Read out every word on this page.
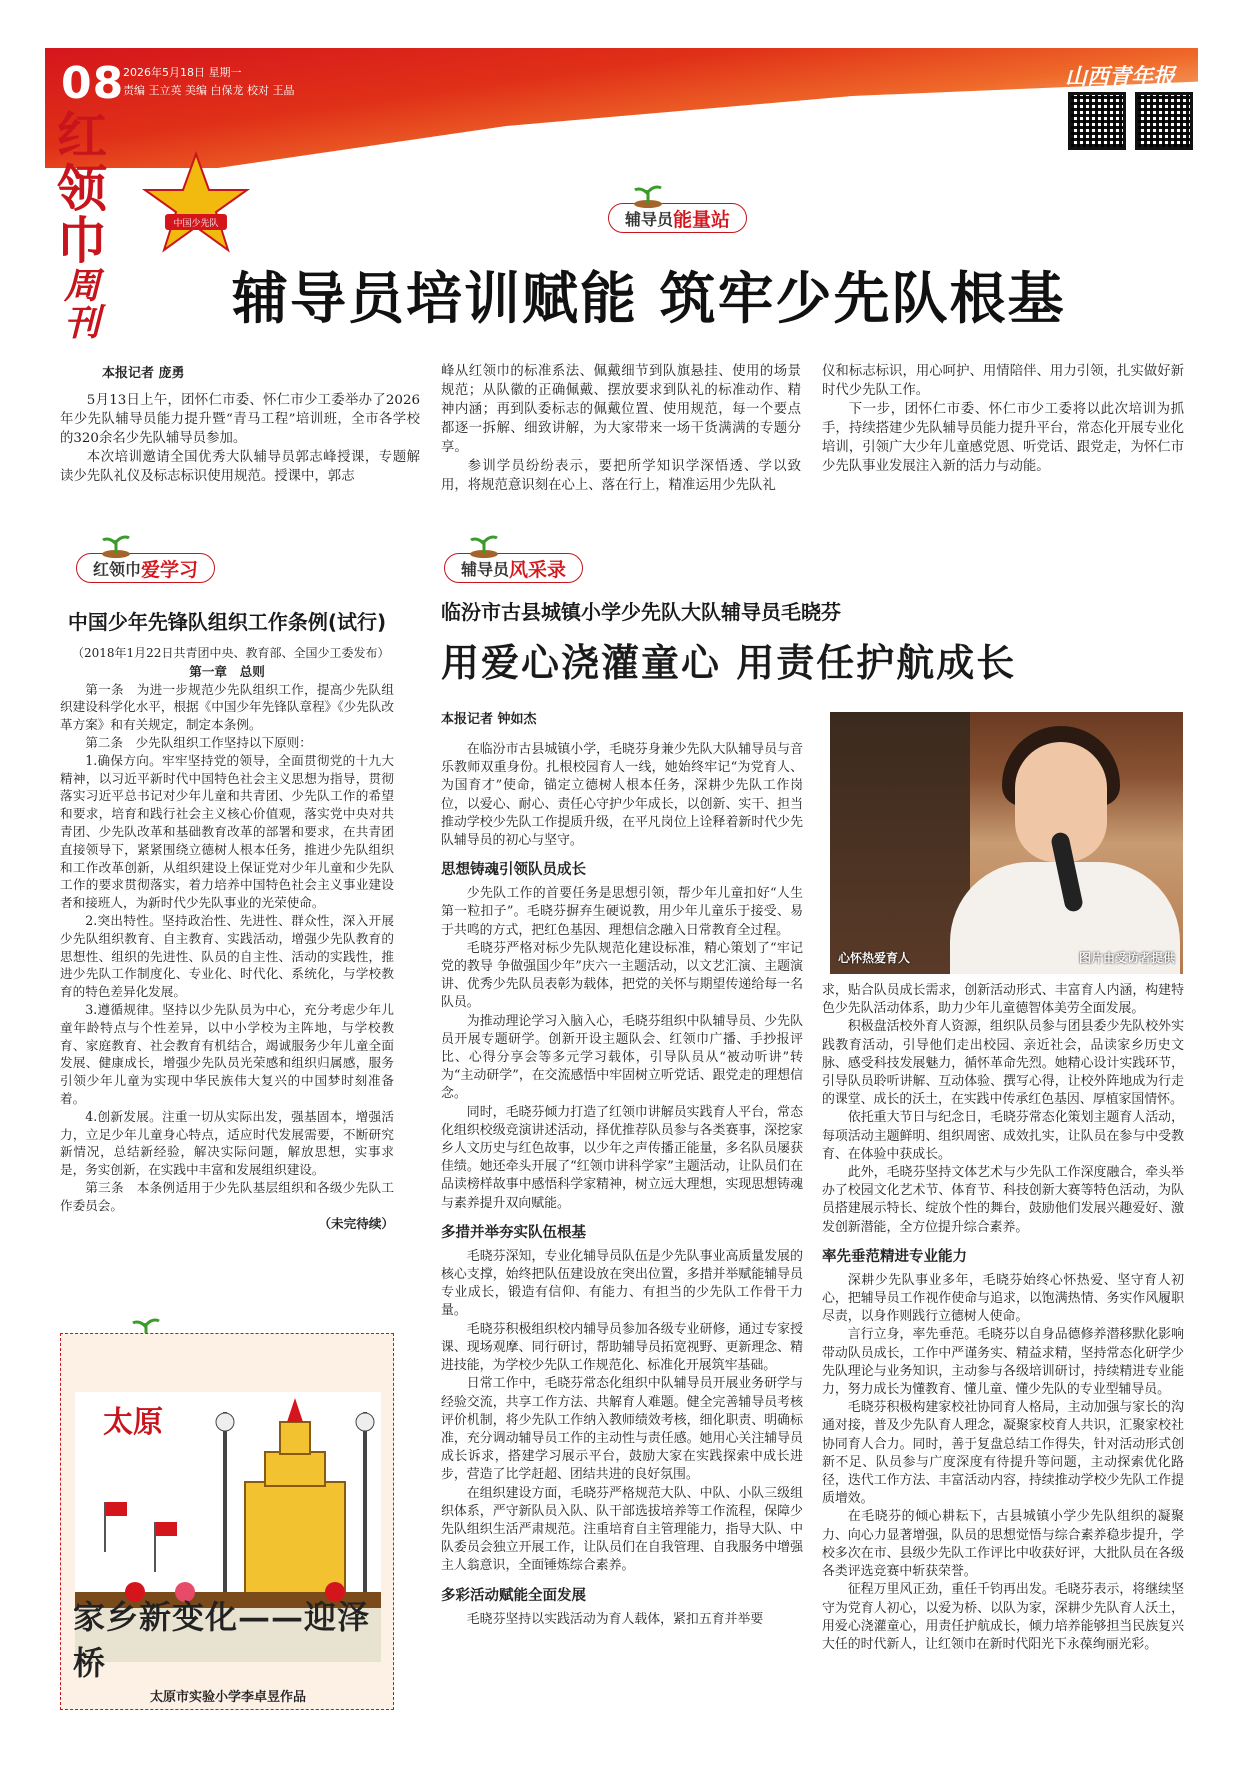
08
2026年5月18日 星期一
责编 王立英 美编 白保龙 校对 王晶
山西青年报
红领巾
周刊
中国少先队	辅导员 能量站
辅导员培训赋能 筑牢少先队根基

本报记者 庞勇

5月13日上午，团怀仁市委、怀仁市少工委举办了2026年少先队辅导员能力提升暨“青马工程”培训班，全市各学校的320余名少先队辅导员参加。

本次培训邀请全国优秀大队辅导员郭志峰授课，专题解读少先队礼仪及标志标识使用规范。授课中，郭志

峰从红领巾的标准系法、佩戴细节到队旗悬挂、使用的场景规范；从队徽的正确佩戴、摆放要求到队礼的标准动作、精神内涵；再到队委标志的佩戴位置、使用规范，每一个要点都逐一拆解、细致讲解，为大家带来一场干货满满的专题分享。

参训学员纷纷表示，要把所学知识学深悟透、学以致用，将规范意识刻在心上、落在行上，精准运用少先队礼

仪和标志标识，用心呵护、用情陪伴、用力引领，扎实做好新时代少先队工作。

下一步，团怀仁市委、怀仁市少工委将以此次培训为抓手，持续搭建少先队辅导员能力提升平台，常态化开展专业化培训，引领广大少年儿童感党恩、听党话、跟党走，为怀仁市少先队事业发展注入新的活力与动能。

红领巾 爱学习
中国少年先锋队组织工作条例(试行)

（2018年1月22日共青团中央、教育部、全国少工委发布）

第一章　总则

第一条　为进一步规范少先队组织工作，提高少先队组织建设科学化水平，根据《中国少年先锋队章程》《少先队改革方案》和有关规定，制定本条例。

第二条　少先队组织工作坚持以下原则：

1.确保方向。牢牢坚持党的领导，全面贯彻党的十九大精神，以习近平新时代中国特色社会主义思想为指导，贯彻落实习近平总书记对少年儿童和共青团、少先队工作的希望和要求，培育和践行社会主义核心价值观，落实党中央对共青团、少先队改革和基础教育改革的部署和要求，在共青团直接领导下，紧紧围绕立德树人根本任务，推进少先队组织和工作改革创新，从组织建设上保证党对少年儿童和少先队工作的要求贯彻落实，着力培养中国特色社会主义事业建设者和接班人，为新时代少先队事业的光荣使命。

2.突出特性。坚持政治性、先进性、群众性，深入开展少先队组织教育、自主教育、实践活动，增强少先队教育的思想性、组织的先进性、队员的自主性、活动的实践性，推进少先队工作制度化、专业化、时代化、系统化，与学校教育的特色差异化发展。

3.遵循规律。坚持以少先队员为中心，充分考虑少年儿童年龄特点与个性差异，以中小学校为主阵地，与学校教育、家庭教育、社会教育有机结合，竭诚服务少年儿童全面发展、健康成长，增强少先队员光荣感和组织归属感，服务引领少年儿童为实现中华民族伟大复兴的中国梦时刻准备着。

4.创新发展。注重一切从实际出发，强基固本，增强活力，立足少年儿童身心特点，适应时代发展需要，不断研究新情况，总结新经验，解决实际问题，解放思想，实事求是，务实创新，在实践中丰富和发展组织建设。

第三条　本条例适用于少先队基层组织和各级少先队工作委员会。

（未完待续）

辅导员 风采录
临汾市古县城镇小学少先队大队辅导员毛晓芬
用爱心浇灌童心 用责任护航成长
心怀热爱育人	图片由受访者提供

本报记者 钟如杰

在临汾市古县城镇小学，毛晓芬身兼少先队大队辅导员与音乐教师双重身份。扎根校园育人一线，她始终牢记“为党育人、为国育才”使命，锚定立德树人根本任务，深耕少先队工作岗位，以爱心、耐心、责任心守护少年成长，以创新、实干、担当推动学校少先队工作提质升级，在平凡岗位上诠释着新时代少先队辅导员的初心与坚守。

思想铸魂引领队员成长

少先队工作的首要任务是思想引领，帮少年儿童扣好“人生第一粒扣子”。毛晓芬摒弃生硬说教，用少年儿童乐于接受、易于共鸣的方式，把红色基因、理想信念融入日常教育全过程。

毛晓芬严格对标少先队规范化建设标准，精心策划了“牢记党的教导 争做强国少年”庆六一主题活动，以文艺汇演、主题演讲、优秀少先队员表彰为载体，把党的关怀与期望传递给每一名队员。

为推动理论学习入脑入心，毛晓芬组织中队辅导员、少先队员开展专题研学。创新开设主题队会、红领巾广播、手抄报评比、心得分享会等多元学习载体，引导队员从“被动听讲”转为“主动研学”，在交流感悟中牢固树立听党话、跟党走的理想信念。

同时，毛晓芬倾力打造了红领巾讲解员实践育人平台，常态化组织校级竞演讲述活动，择优推荐队员参与各类赛事，深挖家乡人文历史与红色故事，以少年之声传播正能量，多名队员屡获佳绩。她还牵头开展了“红领巾讲科学家”主题活动，让队员们在品读榜样故事中感悟科学家精神，树立远大理想，实现思想铸魂与素养提升双向赋能。

多措并举夯实队伍根基

毛晓芬深知，专业化辅导员队伍是少先队事业高质量发展的核心支撑，始终把队伍建设放在突出位置，多措并举赋能辅导员专业成长，锻造有信仰、有能力、有担当的少先队工作骨干力量。

毛晓芬积极组织校内辅导员参加各级专业研修，通过专家授课、现场观摩、同行研讨，帮助辅导员拓宽视野、更新理念、精进技能，为学校少先队工作规范化、标准化开展筑牢基础。

日常工作中，毛晓芬常态化组织中队辅导员开展业务研学与经验交流，共享工作方法、共解育人难题。健全完善辅导员考核评价机制，将少先队工作纳入教师绩效考核，细化职责、明确标准，充分调动辅导员工作的主动性与责任感。她用心关注辅导员成长诉求，搭建学习展示平台，鼓励大家在实践探索中成长进步，营造了比学赶超、团结共进的良好氛围。

在组织建设方面，毛晓芬严格规范大队、中队、小队三级组织体系，严守新队员入队、队干部选拔培养等工作流程，保障少先队组织生活严肃规范。注重培育自主管理能力，指导大队、中队委员会独立开展工作，让队员们在自我管理、自我服务中增强主人翁意识，全面锤炼综合素养。

多彩活动赋能全面发展

毛晓芬坚持以实践活动为育人载体，紧扣五育并举要

求，贴合队员成长需求，创新活动形式、丰富育人内涵，构建特色少先队活动体系，助力少年儿童德智体美劳全面发展。

积极盘活校外育人资源，组织队员参与团县委少先队校外实践教育活动，引导他们走出校园、亲近社会，品读家乡历史文脉、感受科技发展魅力，循怀革命先烈。她精心设计实践环节，引导队员聆听讲解、互动体验、撰写心得，让校外阵地成为行走的课堂、成长的沃土，在实践中传承红色基因、厚植家国情怀。

依托重大节日与纪念日，毛晓芬常态化策划主题育人活动，每项活动主题鲜明、组织周密、成效扎实，让队员在参与中受教育、在体验中获成长。

此外，毛晓芬坚持文体艺术与少先队工作深度融合，牵头举办了校园文化艺术节、体育节、科技创新大赛等特色活动，为队员搭建展示特长、绽放个性的舞台，鼓励他们发展兴趣爱好、激发创新潜能，全方位提升综合素养。

率先垂范精进专业能力

深耕少先队事业多年，毛晓芬始终心怀热爱、坚守育人初心，把辅导员工作视作使命与追求，以饱满热情、务实作风履职尽责，以身作则践行立德树人使命。

言行立身，率先垂范。毛晓芬以自身品德修养潜移默化影响带动队员成长，工作中严谨务实、精益求精，坚持常态化研学少先队理论与业务知识，主动参与各级培训研讨，持续精进专业能力，努力成长为懂教育、懂儿童、懂少先队的专业型辅导员。

毛晓芬积极构建家校社协同育人格局，主动加强与家长的沟通对接，普及少先队育人理念，凝聚家校育人共识，汇聚家校社协同育人合力。同时，善于复盘总结工作得失，针对活动形式创新不足、队员参与广度深度有待提升等问题，主动探索优化路径，迭代工作方法、丰富活动内容，持续推动学校少先队工作提质增效。

在毛晓芬的倾心耕耘下，古县城镇小学少先队组织的凝聚力、向心力显著增强，队员的思想觉悟与综合素养稳步提升，学校多次在市、县级少先队工作评比中收获好评，大批队员在各级各类评选竞赛中斩获荣誉。

征程万里风正劲，重任千钧再出发。毛晓芬表示，将继续坚守为党育人初心，以爱为桥、以队为家，深耕少先队育人沃土，用爱心浇灌童心，用责任护航成长，倾力培养能够担当民族复兴大任的时代新人，让红领巾在新时代阳光下永葆绚丽光彩。

太原
家乡新变化——迎泽桥
太原市实验小学李卓昱作品
